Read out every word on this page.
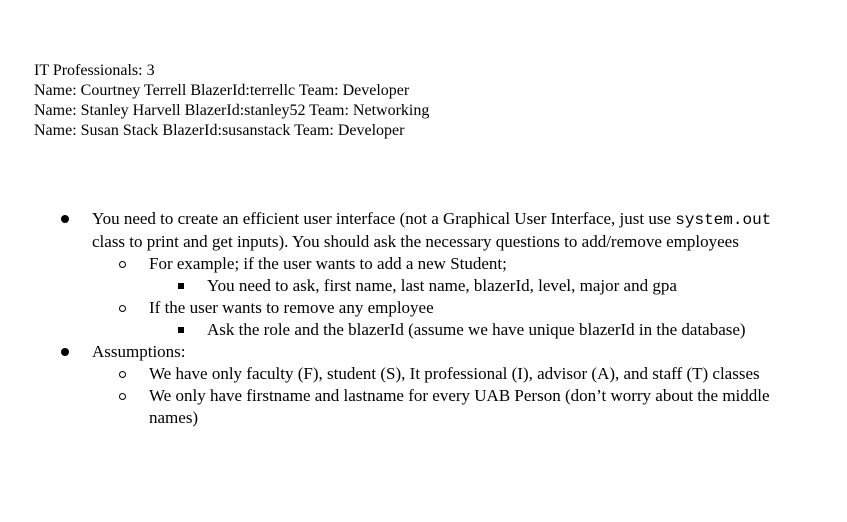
IT Professionals: 3
Name: Courtney Terrell BlazerId:terrellc Team: Developer
Name: Stanley Harvell BlazerId:stanley52 Team: Networking
Name: Susan Stack BlazerId:susanstack Team: Developer
You need to create an efficient user interface (not a Graphical User Interface, just use system.out class to print and get inputs). You should ask the necessary questions to add/remove employees
For example; if the user wants to add a new Student;
You need to ask, first name, last name, blazerId, level, major and gpa
If the user wants to remove any employee
Ask the role and the blazerId (assume we have unique blazerId in the database)
Assumptions:
We have only faculty (F), student (S), It professional (I), advisor (A), and staff (T) classes
We only have firstname and lastname for every UAB Person (don’t worry about the middle names)
